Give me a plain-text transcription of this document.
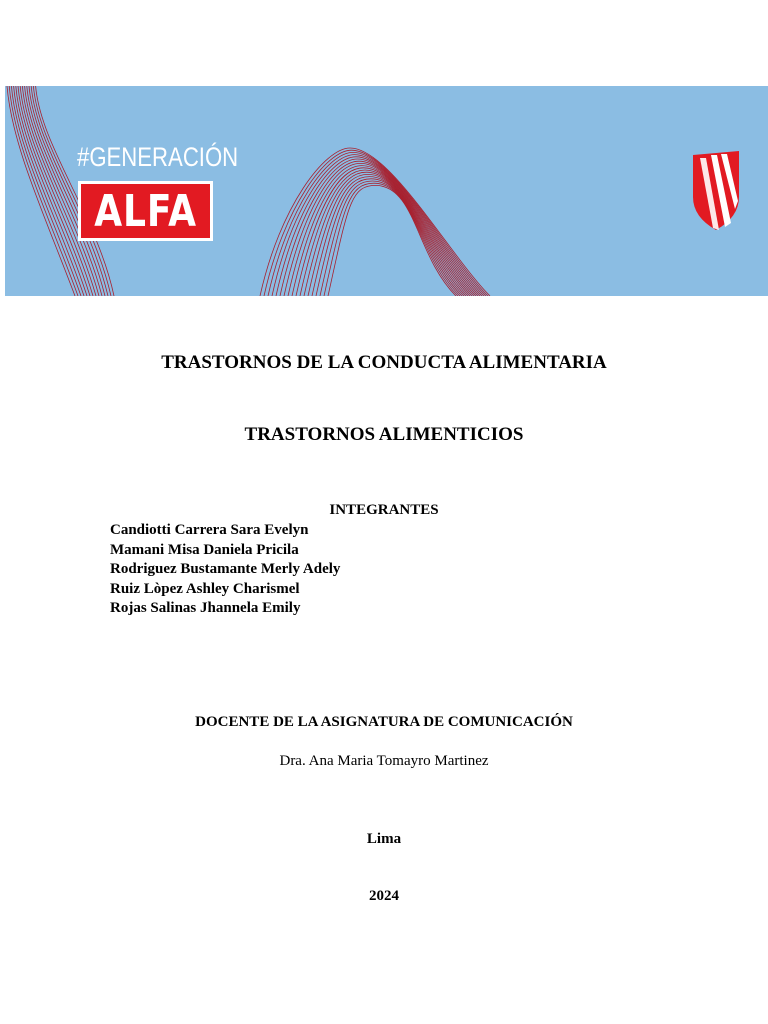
#GENERACIÓN
ALFA
TRASTORNOS DE LA CONDUCTA ALIMENTARIA
TRASTORNOS ALIMENTICIOS
INTEGRANTES
Candiotti Carrera Sara Evelyn
Mamani Misa Daniela Pricila
Rodriguez Bustamante Merly Adely
Ruiz Lòpez Ashley Charismel
Rojas Salinas Jhannela Emily
DOCENTE DE LA ASIGNATURA DE COMUNICACIÓN
Dra. Ana Maria Tomayro Martinez
Lima
2024
